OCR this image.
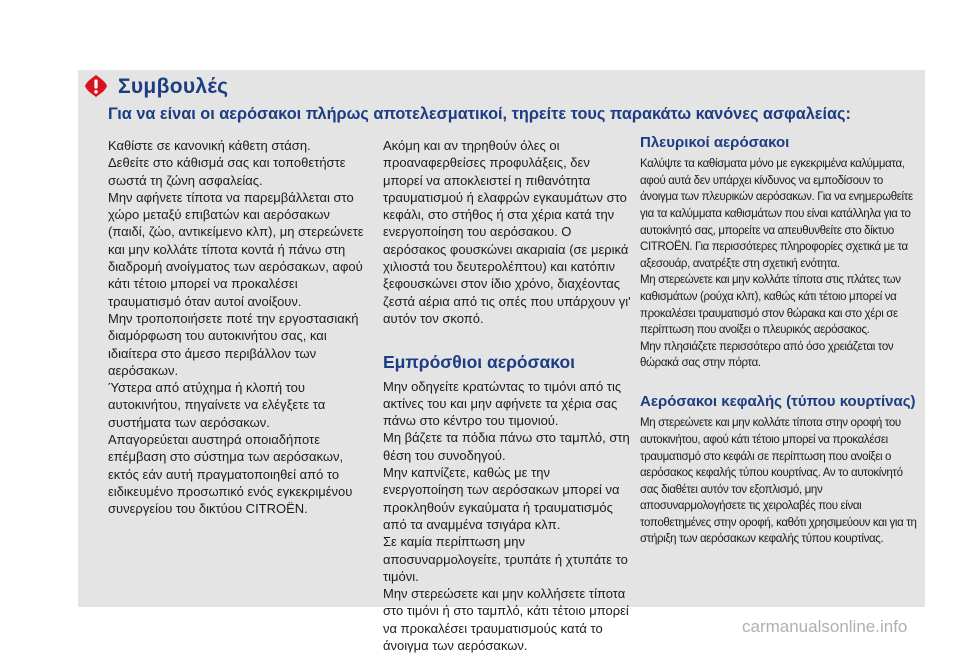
Συμβουλές
Για να είναι οι αερόσακοι πλήρως αποτελεσματικοί, τηρείτε τους παρακάτω κανόνες ασφαλείας:

Καθίστε σε κανονική κάθετη στάση.

Δεθείτε στο κάθισμά σας και τοποθετήστε σωστά τη ζώνη ασφαλείας.

Μην αφήνετε τίποτα να παρεμβάλλεται στο χώρο μεταξύ επιβατών και αερόσακων (παιδί, ζώο, αντικείμενο κλπ), μη στερεώνετε και μην κολλάτε τίποτα κοντά ή πάνω στη διαδρομή ανοίγματος των αερόσακων, αφού κάτι τέτοιο μπορεί να προκαλέσει τραυματισμό όταν αυτοί ανοίξουν.

Μην τροποποιήσετε ποτέ την εργοστασιακή διαμόρφωση του αυτοκινήτου σας, και ιδιαίτερα στο άμεσο περιβάλλον των αερόσακων.

Ύστερα από ατύχημα ή κλοπή του αυτοκινήτου, πηγαίνετε να ελέγξετε τα συστήματα των αερόσακων.

Απαγορεύεται αυστηρά οποιαδήποτε επέμβαση στο σύστημα των αερόσακων, εκτός εάν αυτή πραγματοποιηθεί από το ειδικευμένο προσωπικό ενός εγκεκριμένου συνεργείου του δικτύου CITROËN.

Ακόμη και αν τηρηθούν όλες οι προαναφερθείσες προφυλάξεις, δεν μπορεί να αποκλειστεί η πιθανότητα τραυματισμού ή ελαφρών εγκαυμάτων στο κεφάλι, στο στήθος ή στα χέρια κατά την ενεργοποίηση του αερόσακου. Ο αερόσακος φουσκώνει ακαριαία (σε μερικά χιλιοστά του δευτερολέπτου) και κατόπιν ξεφουσκώνει στον ίδιο χρόνο, διαχέοντας ζεστά αέρια από τις οπές που υπάρχουν γι' αυτόν τον σκοπό.

Εμπρόσθιοι αερόσακοι

Μην οδηγείτε κρατώντας το τιμόνι από τις ακτίνες του και μην αφήνετε τα χέρια σας πάνω στο κέντρο του τιμονιού.

Μη βάζετε τα πόδια πάνω στο ταμπλό, στη θέση του συνοδηγού.

Μην καπνίζετε, καθώς με την ενεργοποίηση των αερόσακων μπορεί να προκληθούν εγκαύματα ή τραυματισμός από τα αναμμένα τσιγάρα κλπ.

Σε καμία περίπτωση μην αποσυναρμολογείτε, τρυπάτε ή χτυπάτε το τιμόνι.

Μην στερεώσετε και μην κολλήσετε τίποτα στο τιμόνι ή στο ταμπλό, κάτι τέτοιο μπορεί να προκαλέσει τραυματισμούς κατά το άνοιγμα των αερόσακων.

Πλευρικοί αερόσακοι

Καλύψτε τα καθίσματα μόνο με εγκεκριμένα καλύμματα, αφού αυτά δεν υπάρχει κίνδυνος να εμποδίσουν το άνοιγμα των πλευρικών αερόσακων. Για να ενημερωθείτε για τα καλύμματα καθισμάτων που είναι κατάλληλα για το αυτοκίνητό σας, μπορείτε να απευθυνθείτε στο δίκτυο CITROËN. Για περισσότερες πληροφορίες σχετικά με τα αξεσουάρ, ανατρέξτε στη σχετική ενότητα.

Μη στερεώνετε και μην κολλάτε τίποτα στις πλάτες των καθισμάτων (ρούχα κλπ), καθώς κάτι τέτοιο μπορεί να προκαλέσει τραυματισμό στον θώρακα και στο χέρι σε περίπτωση που ανοίξει ο πλευρικός αερόσακος.

Μην πλησιάζετε περισσότερο από όσο χρειάζεται τον θώρακά σας στην πόρτα.

Αερόσακοι κεφαλής (τύπου κουρτίνας)

Μη στερεώνετε και μην κολλάτε τίποτα στην οροφή του αυτοκινήτου, αφού κάτι τέτοιο μπορεί να προκαλέσει τραυματισμό στο κεφάλι σε περίπτωση που ανοίξει ο αερόσακος κεφαλής τύπου κουρτίνας. Αν το αυτοκίνητό σας διαθέτει αυτόν τον εξοπλισμό, μην αποσυναρμολογήσετε τις χειρολαβές που είναι τοποθετημένες στην οροφή, καθότι χρησιμεύουν και για τη στήριξη των αερόσακων κεφαλής τύπου κουρτίνας.

carmanualsonline.info
